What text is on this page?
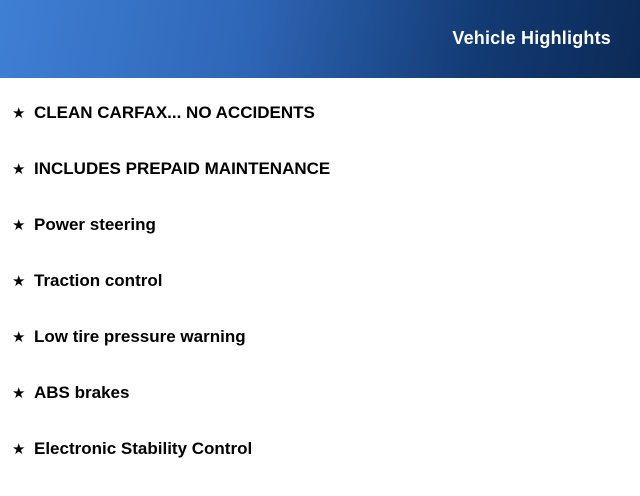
Vehicle Highlights
★ CLEAN CARFAX... NO ACCIDENTS
★ INCLUDES PREPAID MAINTENANCE
★ Power steering
★ Traction control
★ Low tire pressure warning
★ ABS brakes
★ Electronic Stability Control
